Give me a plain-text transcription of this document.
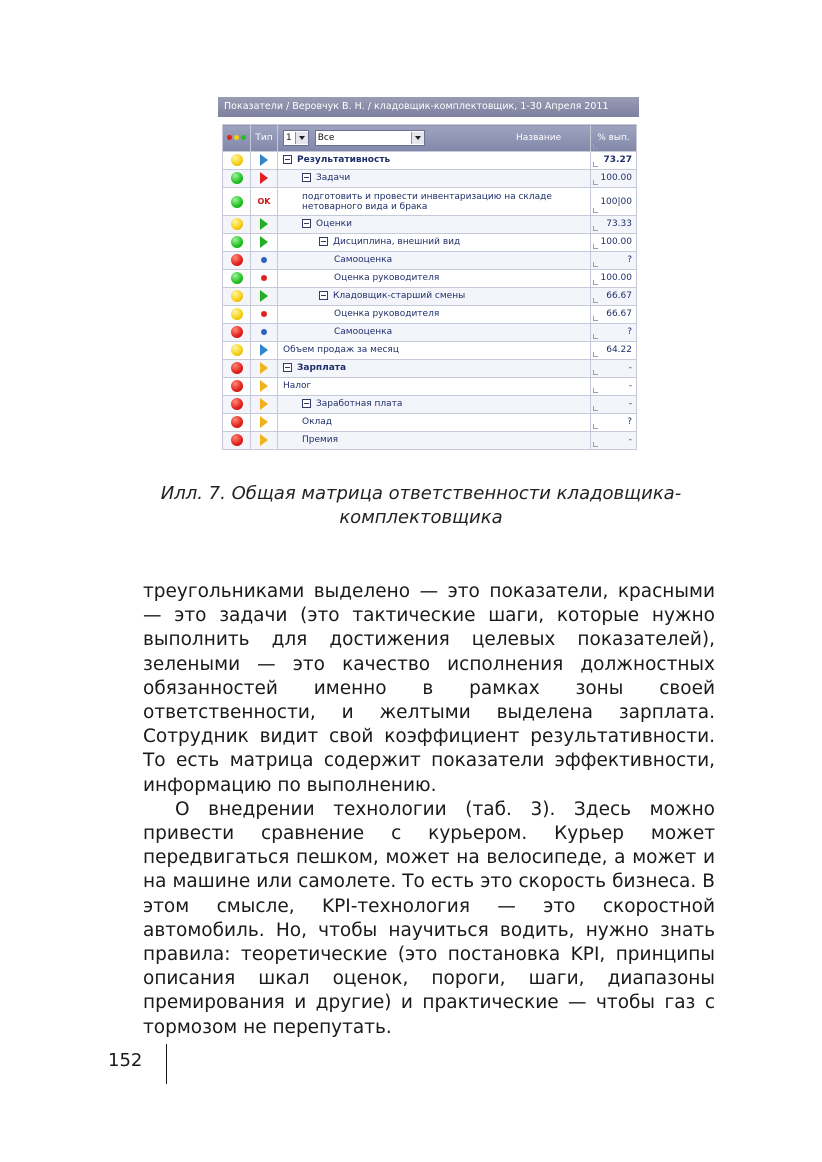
Показатели / Веровчук В. Н. / кладовщик-комплектовщик, 1-30 Апреля 2011
	Тип	1 Все Название	% вып.
		Результативность	73.27
		Задачи	100.00
	OK	подготовить и провести инвентаризацию на складе
нетоварного вида и брака	100|00
		Оценки	73.33
		Дисциплина, внешний вид	100.00
		Самооценка	?
		Оценка руководителя	100.00
		Кладовщик-старший смены	66.67
		Оценка руководителя	66.67
		Самооценка	?
		Объем продаж за месяц	64.22
		Зарплата	-
		Налог	-
		Заработная плата	-
		Оклад	?
		Премия	-
Илл. 7. Общая матрица ответственности кладовщика-
комплектовщика

треугольниками выделено — это показатели, красными — это задачи (это тактические шаги, которые нужно выполнить для достижения целевых показателей), зелеными — это качество исполнения должностных обязанностей именно в рамках зоны своей ответственности, и желтыми выделена зарплата. Сотрудник видит свой коэффициент результативности. То есть матрица содержит показатели эффективности, информацию по выполнению.

О внедрении технологии (таб. 3). Здесь можно привести сравнение с курьером. Курьер может передвигаться пешком, может на велосипеде, а может и на машине или самолете. То есть это скорость бизнеса. В этом смысле, KPI-технология — это скоростной автомобиль. Но, чтобы научиться водить, нужно знать правила: теоретические (это постановка KPI, принципы описания шкал оценок, пороги, шаги, диапазоны премирования и другие) и практические — чтобы газ с тормозом не перепутать.

152
